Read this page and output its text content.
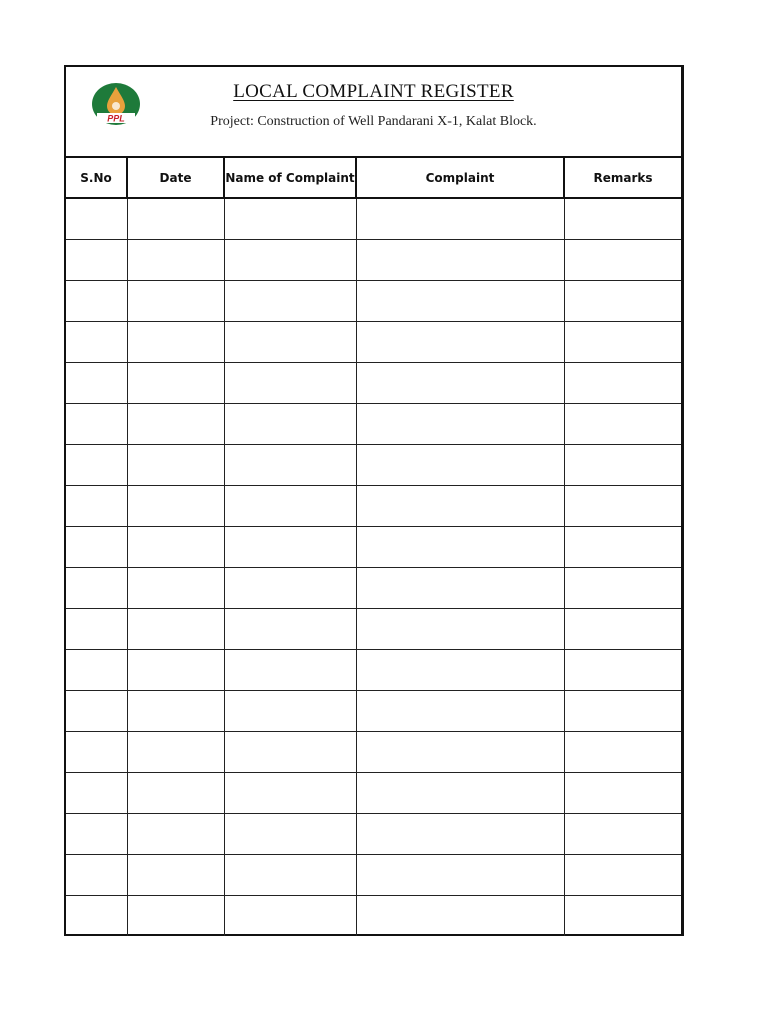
PPL
LOCAL COMPLAINT REGISTER
Project: Construction of Well Pandarani X-1, Kalat Block.
S.No	Date	Name of Complaint	Complaint	Remarks
